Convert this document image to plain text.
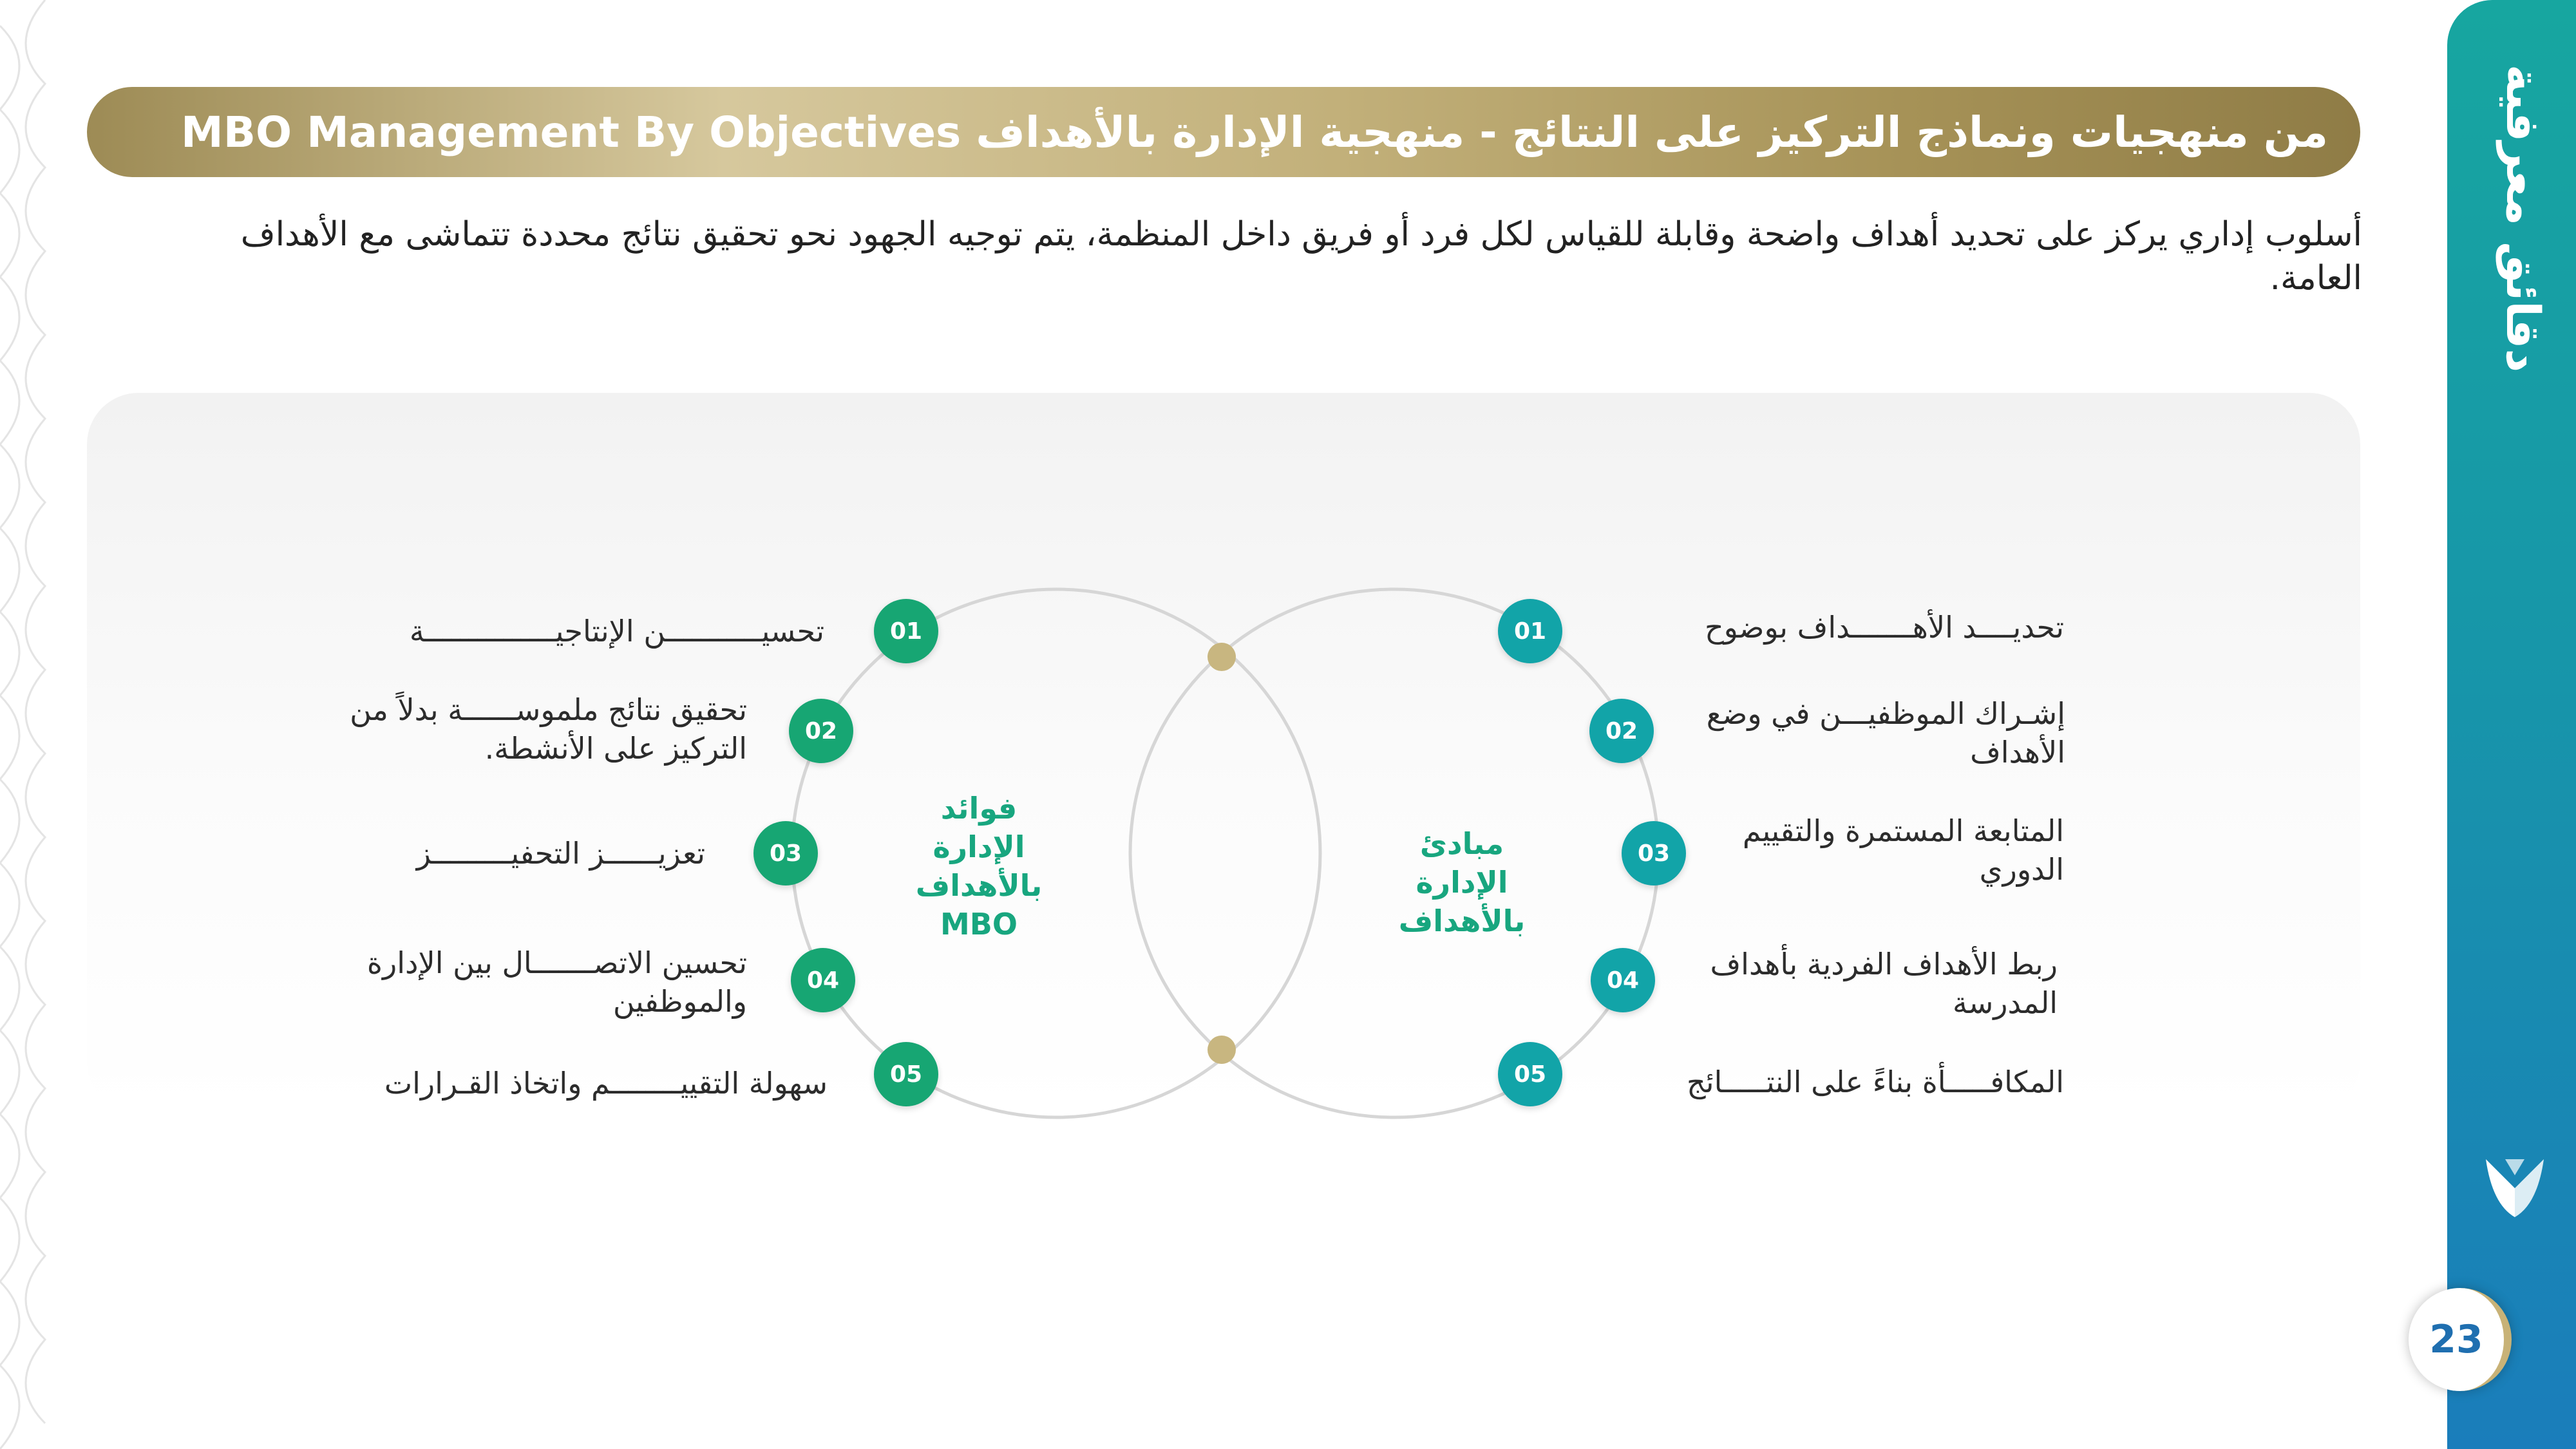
دقائق معرفية
23
من منهجيات ونماذج التركيز على النتائج - منهجية الإدارة بالأهداف MBO Management By Objectives
أسلوب إداري يركز على تحديد أهداف واضحة وقابلة للقياس لكل فرد أو فريق داخل المنظمة، يتم توجيه الجهود نحو تحقيق نتائج محددة تتماشى مع الأهداف العامة.
فوائد
الإدارة
بالأهداف
MBO
مبادئ
الإدارة
بالأهداف
01
02
03
04
05
تحسيـــــــــــن الإنتاجيـــــــــــــــة
تحقيق نتائج ملموســــــة بدلاً من التركيز على الأنشطة.
تعزيــــــز التحفيـــــــــز
تحسين الاتصـــــــال بين الإدارة والموظفين
سهولة التقييــــــــم واتخاذ القـرارات
01
02
03
04
05
تحديــــد الأهـــــــداف بوضوح
إشـراك الموظفيـــن في وضع الأهداف
المتابعة المستمرة والتقييم الدوري
ربط الأهداف الفردية بأهداف المدرسة
المكافـــــأة بناءً على النتـــــائج
